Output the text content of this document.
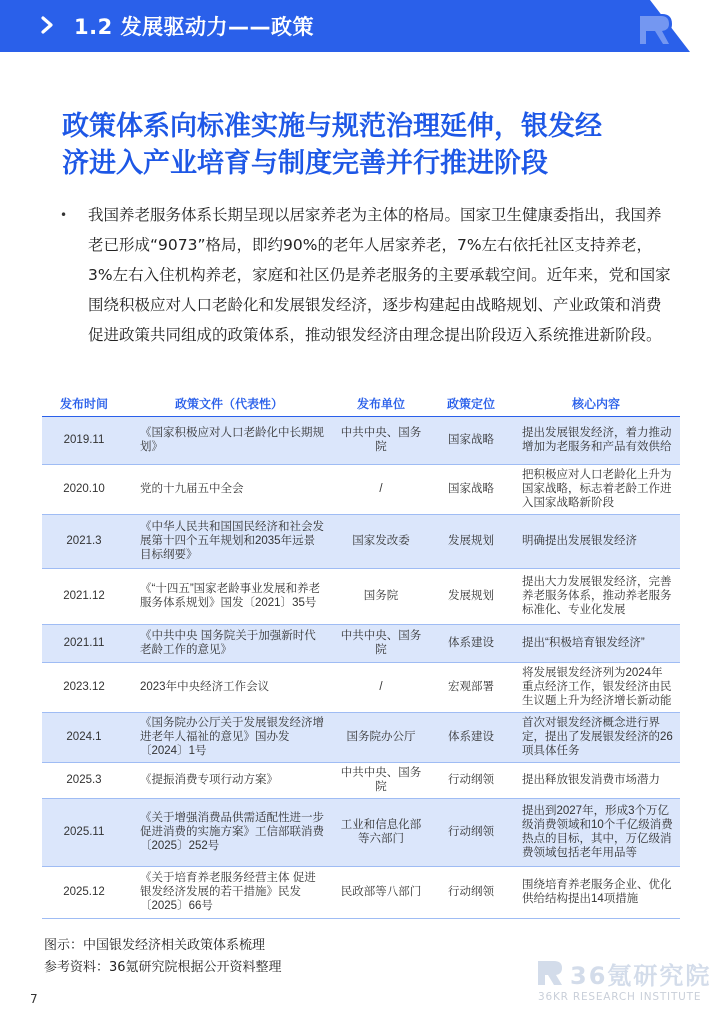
1.2 发展驱动力——政策
政策体系向标准实施与规范治理延伸，银发经
济进入产业培育与制度完善并行推进阶段
• 我国养老服务体系长期呈现以居家养老为主体的格局。国家卫生健康委指出，我国养老已形成“9073”格局，即约90%的老年人居家养老，7%左右依托社区支持养老，3%左右入住机构养老，家庭和社区仍是养老服务的主要承载空间。近年来，党和国家围绕积极应对人口老龄化和发展银发经济，逐步构建起由战略规划、产业政策和消费促进政策共同组成的政策体系，推动银发经济由理念提出阶段迈入系统推进新阶段。

发布时间	政策文件（代表性）	发布单位	政策定位	核心内容
2019.11	《国家积极应对人口老龄化中长期规划》	中共中央、国务院	国家战略	提出发展银发经济，着力推动增加为老服务和产品有效供给
2020.10	党的十九届五中全会	/	国家战略	把积极应对人口老龄化上升为国家战略，标志着老龄工作进入国家战略新阶段
2021.3	《中华人民共和国国民经济和社会发展第十四个五年规划和2035年远景目标纲要》	国家发改委	发展规划	明确提出发展银发经济
2021.12	《“十四五”国家老龄事业发展和养老服务体系规划》国发〔2021〕35号	国务院	发展规划	提出大力发展银发经济，完善养老服务体系，推动养老服务标准化、专业化发展
2021.11	《中共中央 国务院关于加强新时代老龄工作的意见》	中共中央、国务院	体系建设	提出“积极培育银发经济”
2023.12	2023年中央经济工作会议	/	宏观部署	将发展银发经济列为2024年重点经济工作，银发经济由民生议题上升为经济增长新动能
2024.1	《国务院办公厅关于发展银发经济增进老年人福祉的意见》国办发〔2024〕1号	国务院办公厅	体系建设	首次对银发经济概念进行界定，提出了发展银发经济的26项具体任务
2025.3	《提振消费专项行动方案》	中共中央、国务院	行动纲领	提出释放银发消费市场潜力
2025.11	《关于增强消费品供需适配性进一步促进消费的实施方案》工信部联消费〔2025〕252号	工业和信息化部等六部门	行动纲领	提出到2027年，形成3个万亿级消费领域和10个千亿级消费热点的目标，其中，万亿级消费领域包括老年用品等
2025.12	《关于培育养老服务经营主体 促进银发经济发展的若干措施》民发〔2025〕66号	民政部等八部门	行动纲领	围绕培育养老服务企业、优化供给结构提出14项措施
图示：中国银发经济相关政策体系梳理
参考资料：36氪研究院根据公开资料整理
7
36氪研究院
36KR RESEARCH INSTITUTE
